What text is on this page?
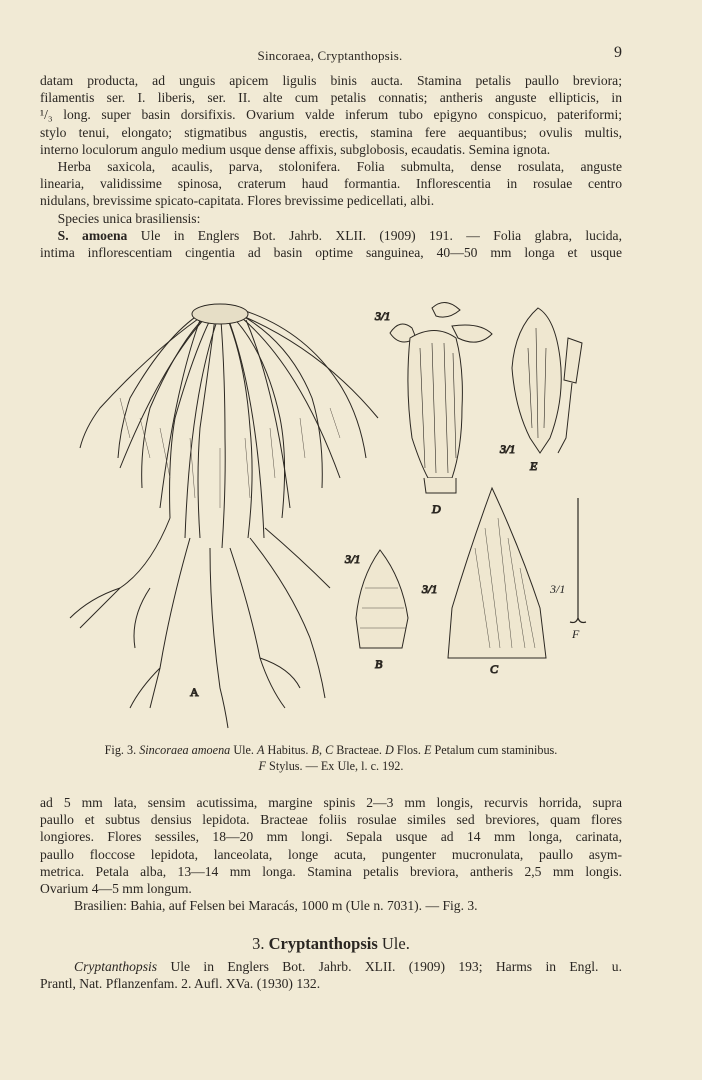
Sincoraea, Cryptanthopsis.	9
datam producta, ad unguis apicem ligulis binis aucta. Stamina petalis paullo breviora;
filamentis ser. I. liberis, ser. II. alte cum petalis connatis; antheris anguste ellipticis, in
¹/₃ long. super basin dorsifixis. Ovarium valde inferum tubo epigyno conspicuo, pateriformi;
stylo tenui, elongato; stigmatibus angustis, erectis, stamina fere aequantibus; ovulis multis,
interno loculorum angulo medium usque dense affixis, subglobosis, ecaudatis. Semina ignota.
Herba saxicola, acaulis, parva, stolonifera. Folia submulta, dense rosulata, anguste
linearia, validissime spinosa, craterum haud formantia. Inflorescentia in rosulae centro
nidulans, brevissime spicato-capitata. Flores brevissime pedicellati, albi.
Species unica brasiliensis:
S. amoena Ule in Englers Bot. Jahrb. XLII. (1909) 191. — Folia glabra, lucida,
intima inflorescentiam cingentia ad basin optime sanguinea, 40—50 mm longa et usque
A
D
3/1
E
3/1
B
3/1
C
3/1
F
3/1
Fig. 3. Sincoraea amoena Ule. A Habitus. B, C Bracteae. D Flos. E Petalum cum staminibus.
F Stylus. — Ex Ule, l. c. 192.
ad 5 mm lata, sensim acutissima, margine spinis 2—3 mm longis, recurvis horrida, supra
paullo et subtus densius lepidota. Bracteae foliis rosulae similes sed breviores, quam flores
longiores. Flores sessiles, 18—20 mm longi. Sepala usque ad 14 mm longa, carinata,
paullo floccose lepidota, lanceolata, longe acuta, pungenter mucronulata, paullo asym-
metrica. Petala alba, 13—14 mm longa. Stamina petalis breviora, antheris 2,5 mm longis.
Ovarium 4—5 mm longum.
Brasilien: Bahia, auf Felsen bei Maracás, 1000 m (Ule n. 7031). — Fig. 3.
3. Cryptanthopsis Ule.
Cryptanthopsis Ule in Englers Bot. Jahrb. XLII. (1909) 193; Harms in Engl. u.
Prantl, Nat. Pflanzenfam. 2. Aufl. XVa. (1930) 132.
